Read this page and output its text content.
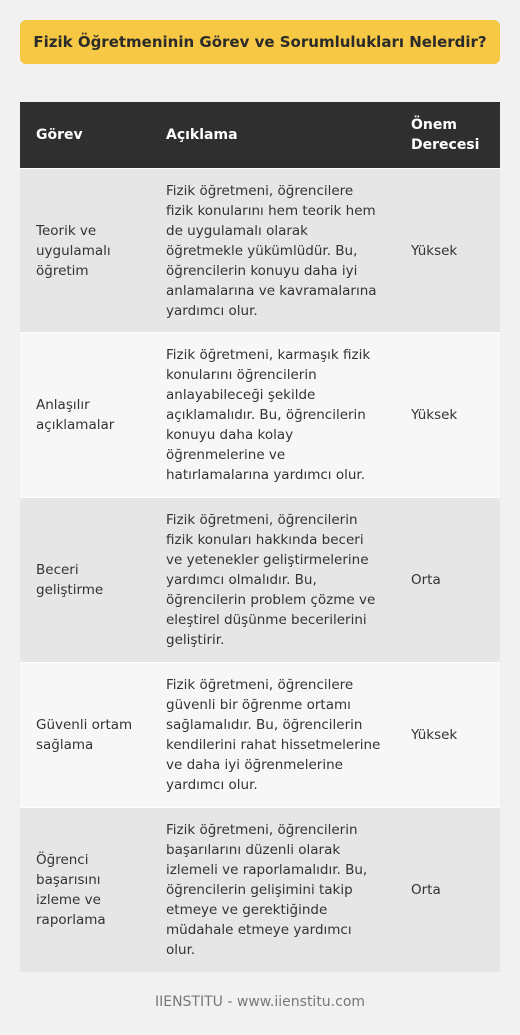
Fizik Öğretmeninin Görev ve Sorumlulukları Nelerdir?
Görev	Açıklama	Önem Derecesi
Teorik ve uygulamalı öğretim	Fizik öğretmeni, öğrencilere fizik konularını hem teorik hem de uygulamalı olarak öğretmekle yükümlüdür. Bu, öğrencilerin konuyu daha iyi anlamalarına ve kavramalarına yardımcı olur.	Yüksek
Anlaşılır açıklamalar	Fizik öğretmeni, karmaşık fizik konularını öğrencilerin anlayabileceği şekilde açıklamalıdır. Bu, öğrencilerin konuyu daha kolay öğrenmelerine ve hatırlamalarına yardımcı olur.	Yüksek
Beceri geliştirme	Fizik öğretmeni, öğrencilerin fizik konuları hakkında beceri ve yetenekler geliştirmelerine yardımcı olmalıdır. Bu, öğrencilerin problem çözme ve eleştirel düşünme becerilerini geliştirir.	Orta
Güvenli ortam sağlama	Fizik öğretmeni, öğrencilere güvenli bir öğrenme ortamı sağlamalıdır. Bu, öğrencilerin kendilerini rahat hissetmelerine ve daha iyi öğrenmelerine yardımcı olur.	Yüksek
Öğrenci başarısını izleme ve raporlama	Fizik öğretmeni, öğrencilerin başarılarını düzenli olarak izlemeli ve raporlamalıdır. Bu, öğrencilerin gelişimini takip etmeye ve gerektiğinde müdahale etmeye yardımcı olur.	Orta
IIENSTITU - www.iienstitu.com
